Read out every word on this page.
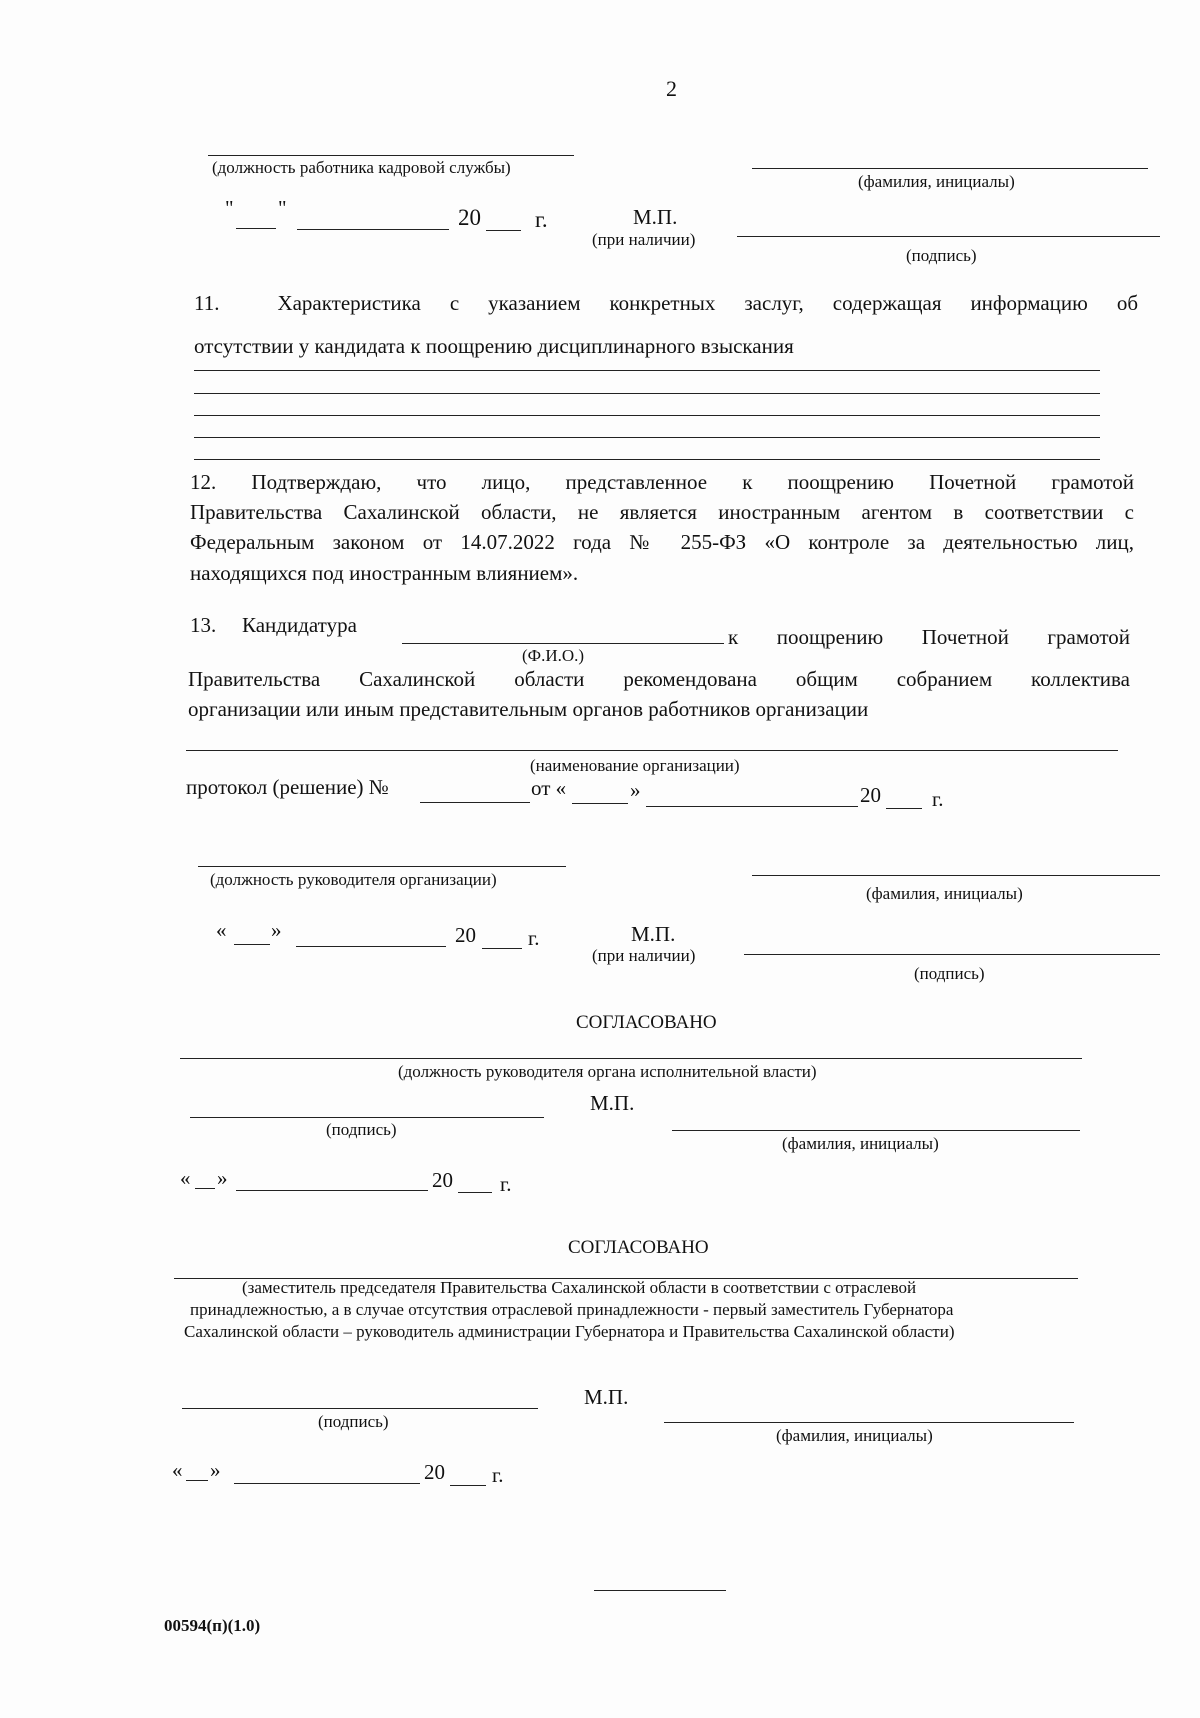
2
(должность работника кадровой службы)
(фамилия, инициалы)
" "	20 г.	М.П.
(при наличии)
(подпись)
11.	Характеристика с указанием конкретных заслуг, содержащая информацию об
отсутствии у кандидата к поощрению дисциплинарного взыскания
12. Подтверждаю, что лицо, представленное к поощрению Почетной грамотой
Правительства Сахалинской области, не является иностранным агентом в соответствии с
Федеральным законом от 14.07.2022 года № 255-ФЗ «О контроле за деятельностью лиц,
находящихся под иностранным влиянием».
13. Кандидатура
(Ф.И.О.)
к поощрению Почетной грамотой
Правительства Сахалинской области рекомендована общим собранием коллектива
организации или иным представительным органов работников организации
(наименование организации)
протокол (решение) №	от «	»	20 г.
(должность руководителя организации)
(фамилия, инициалы)
« »	20 г.	М.П.
(при наличии)
(подпись)
СОГЛАСОВАНО
(должность руководителя органа исполнительной власти)
М.П.
(подпись)
(фамилия, инициалы)
« »	20 г.
СОГЛАСОВАНО
(заместитель председателя Правительства Сахалинской области в соответствии с отраслевой
принадлежностью, а в случае отсутствия отраслевой принадлежности - первый заместитель Губернатора
Сахалинской области – руководитель администрации Губернатора и Правительства Сахалинской области)
М.П.
(подпись)
(фамилия, инициалы)
« »	20 г.
00594(п)(1.0)
